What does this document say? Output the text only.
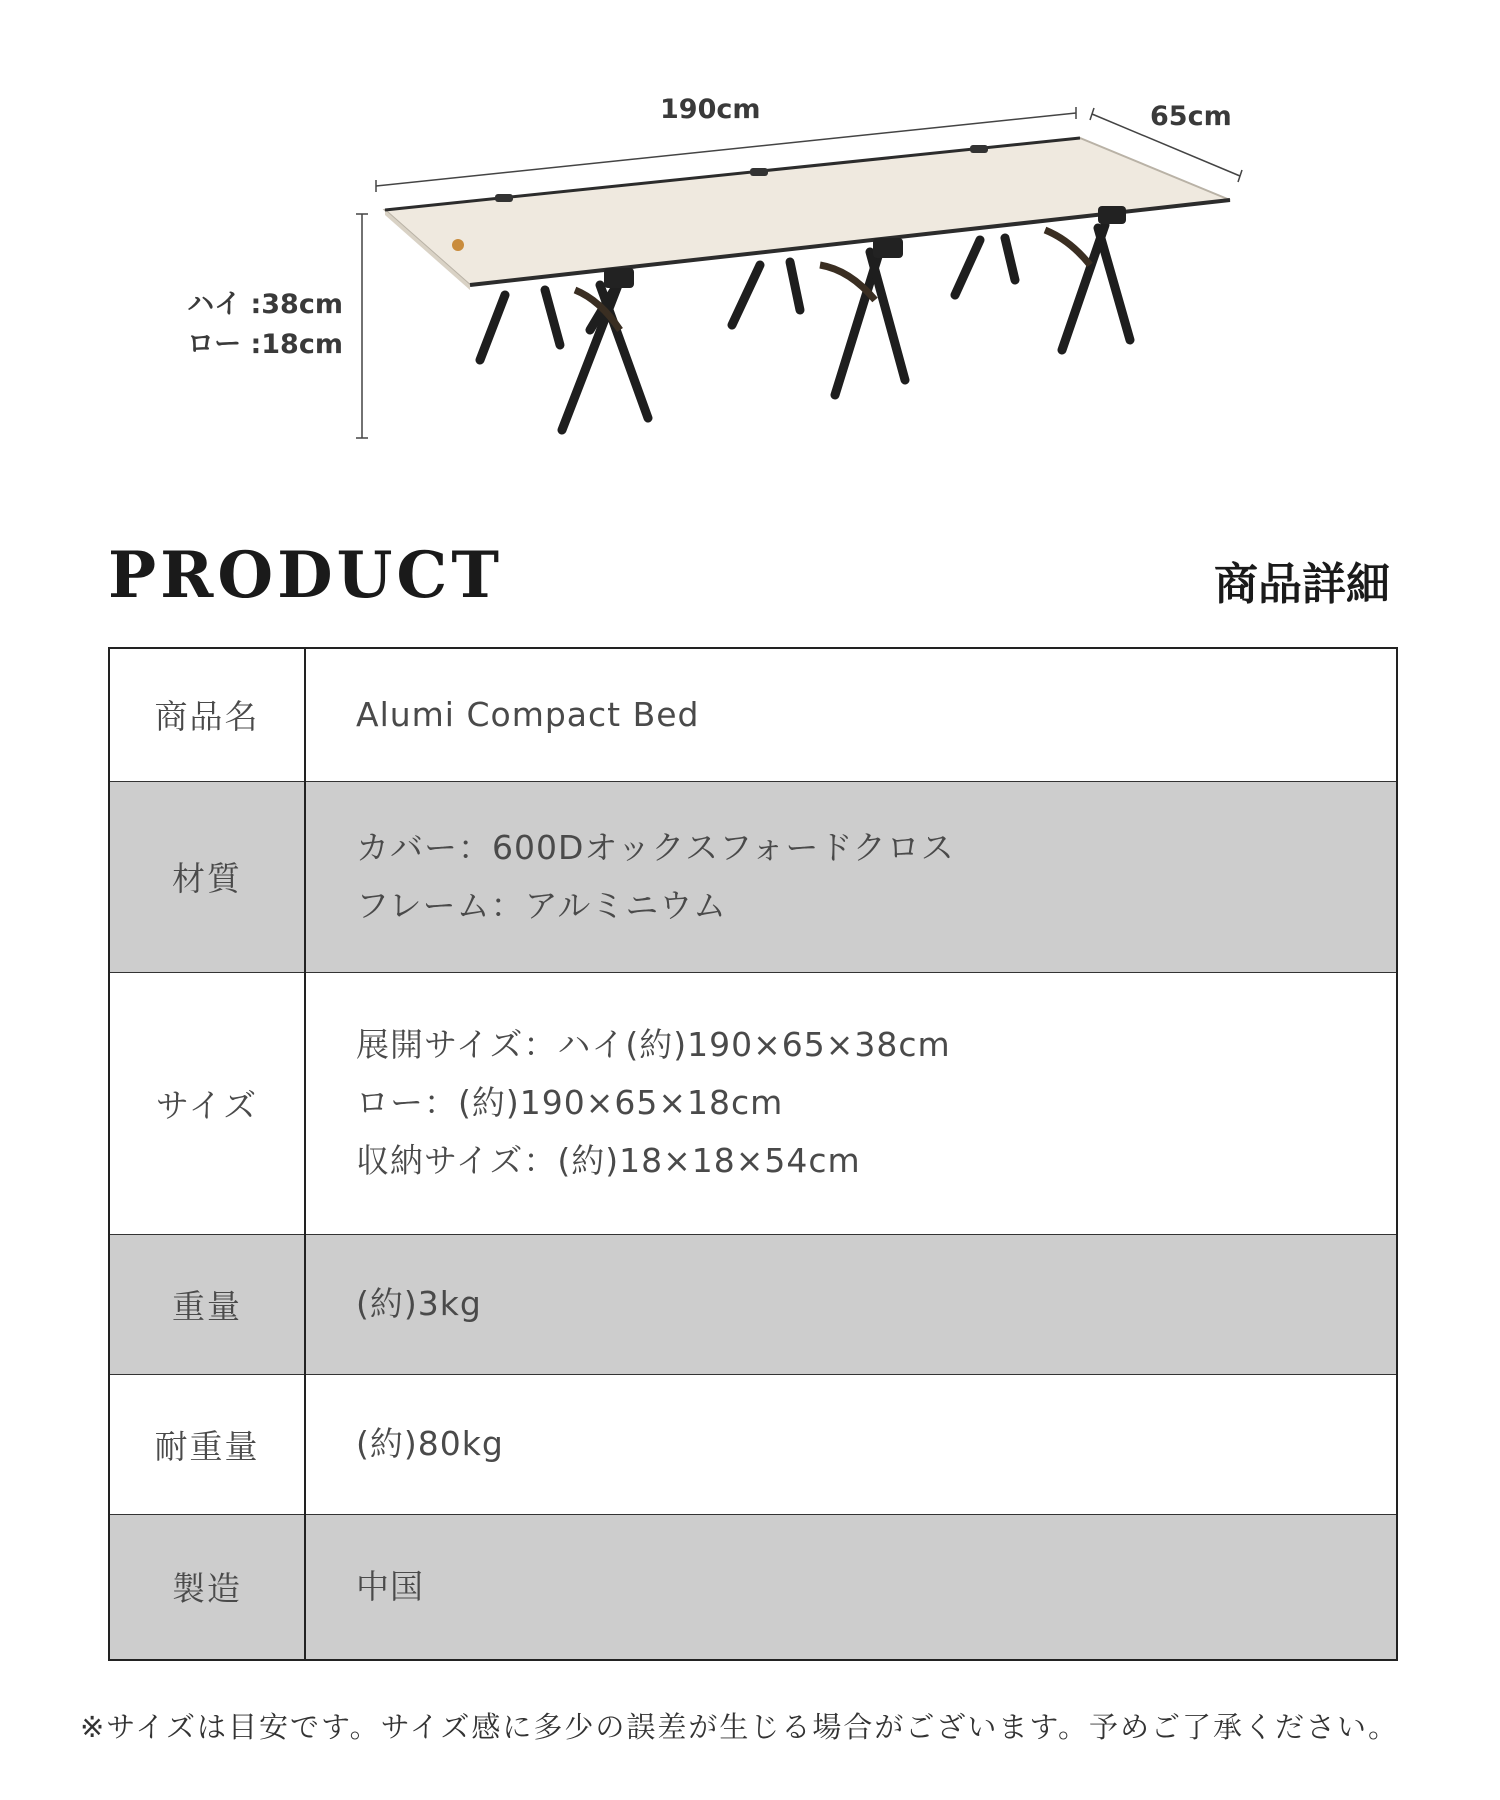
190cm	65cm
ハイ :38cm
ロー :18cm
PRODUCT	商品詳細
商品名	Alumi Compact Bed

材質	カバー：600Dオックスフォードクロス
フレーム：アルミニウム

サイズ	展開サイズ：ハイ(約)190×65×38cm
ロー：(約)190×65×18cm
収納サイズ：(約)18×18×54cm

重量	(約)3kg

耐重量	(約)80kg

製造	中国
※サイズは目安です。サイズ感に多少の誤差が生じる場合がございます。予めご了承ください。
